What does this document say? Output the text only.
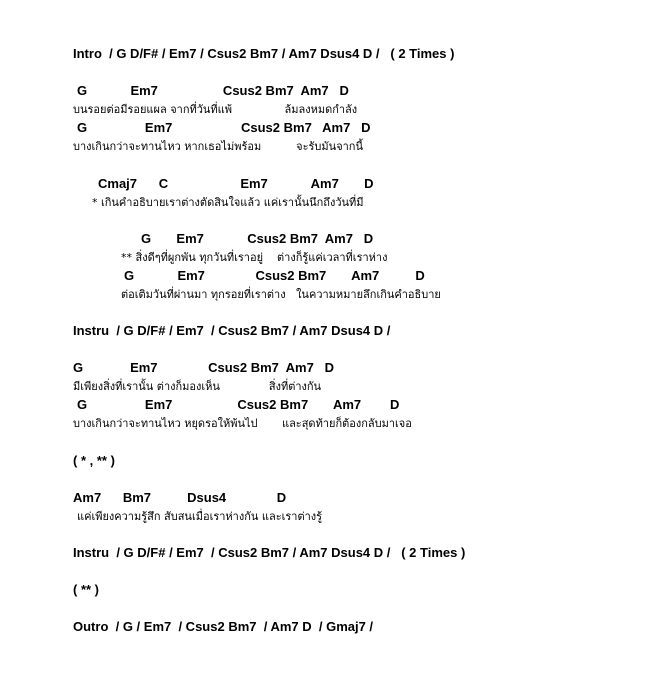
Intro  / G D/F# / Em7 / Csus2 Bm7 / Am7 Dsus4 D /   ( 2 Times )
G            Em7                  Csus2 Bm7  Am7   D
บนรอยต่อมีรอยแผล จากที่วันที่แพ้               ล้มลงหมดกำลัง
G                Em7                   Csus2 Bm7   Am7   D
บางเกินกว่าจะทานไหว หากเธอไม่พร้อม          จะรับมันจากนี้
Cmaj7      C                    Em7            Am7       D
* เกินคำอธิบายเราต่างตัดสินใจแล้ว แค่เรานั้นนึกถึงวันที่มี
G       Em7            Csus2 Bm7  Am7   D
** สิ่งดีๆที่ผูกพัน ทุกวันที่เราอยู่    ต่างก็รู้แค่เวลาที่เราห่าง
G            Em7              Csus2 Bm7       Am7          D
ต่อเติมวันที่ผ่านมา ทุกรอยที่เราต่าง   ในความหมายลึกเกินคำอธิบาย
Instru  / G D/F# / Em7  / Csus2 Bm7 / Am7 Dsus4 D /
G             Em7              Csus2 Bm7  Am7   D
มีเพียงสิ่งที่เรานั้น ต่างก็มองเห็น              สิ่งที่ต่างกัน
G                Em7                  Csus2 Bm7       Am7        D
บางเกินกว่าจะทานไหว หยุดรอให้พ้นไป       และสุดท้ายก็ต้องกลับมาเจอ
( * , ** )
Am7      Bm7          Dsus4              D
แค่เพียงความรู้สึก สับสนเมื่อเราห่างกัน และเราต่างรู้
Instru  / G D/F# / Em7  / Csus2 Bm7 / Am7 Dsus4 D /   ( 2 Times )
( ** )
Outro  / G / Em7  / Csus2 Bm7  / Am7 D  / Gmaj7 /
